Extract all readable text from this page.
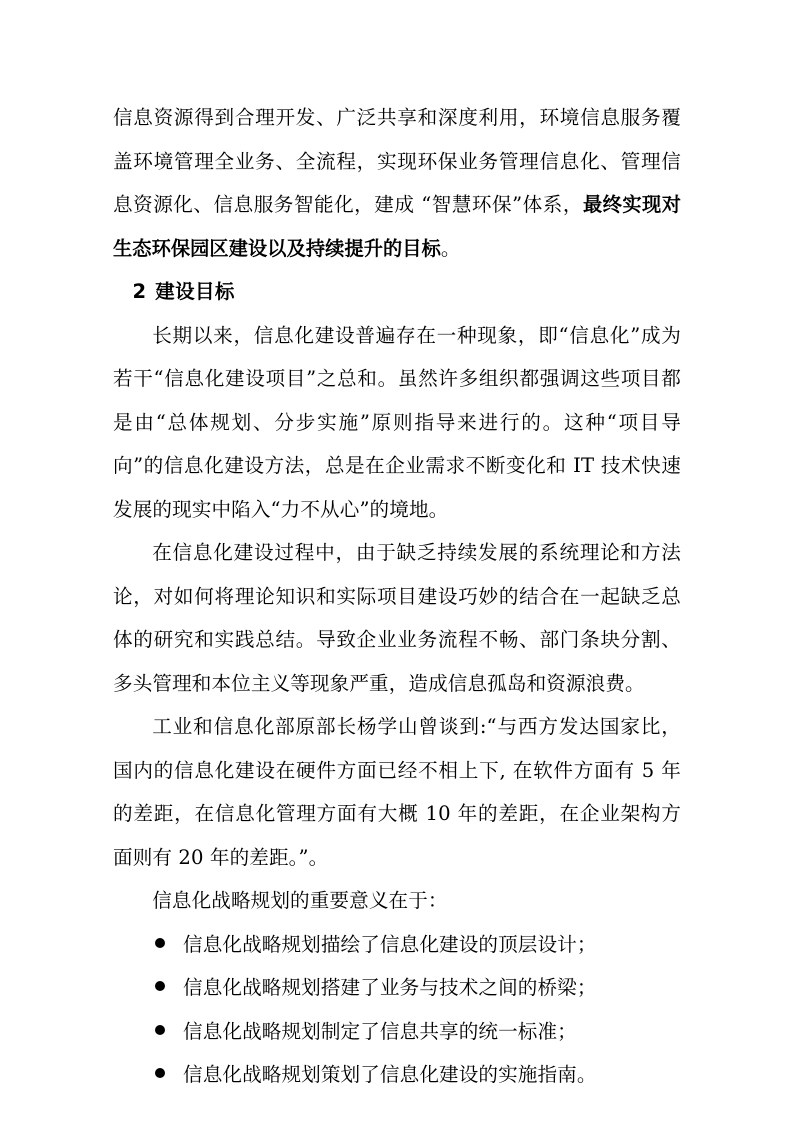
信息资源得到合理开发、广泛共享和深度利用，环境信息服务覆盖环境管理全业务、全流程，实现环保业务管理信息化、管理信息资源化、信息服务智能化，建成 “智慧环保”体系，最终实现对生态环保园区建设以及持续提升的目标。

2 建设目标

长期以来，信息化建设普遍存在一种现象，即“信息化”成为若干“信息化建设项目”之总和。虽然许多组织都强调这些项目都是由“总体规划、分步实施”原则指导来进行的。这种“项目导向”的信息化建设方法，总是在企业需求不断变化和 IT 技术快速发展的现实中陷入“力不从心”的境地。

在信息化建设过程中，由于缺乏持续发展的系统理论和方法论，对如何将理论知识和实际项目建设巧妙的结合在一起缺乏总体的研究和实践总结。导致企业业务流程不畅、部门条块分割、多头管理和本位主义等现象严重，造成信息孤岛和资源浪费。

工业和信息化部原部长杨学山曾谈到:“与西方发达国家比，国内的信息化建设在硬件方面已经不相上下, 在软件方面有 5 年的差距，在信息化管理方面有大概 10 年的差距，在企业架构方面则有 20 年的差距。”。

信息化战略规划的重要意义在于：

信息化战略规划描绘了信息化建设的顶层设计；
信息化战略规划搭建了业务与技术之间的桥梁；
信息化战略规划制定了信息共享的统一标准；
信息化战略规划策划了信息化建设的实施指南。
